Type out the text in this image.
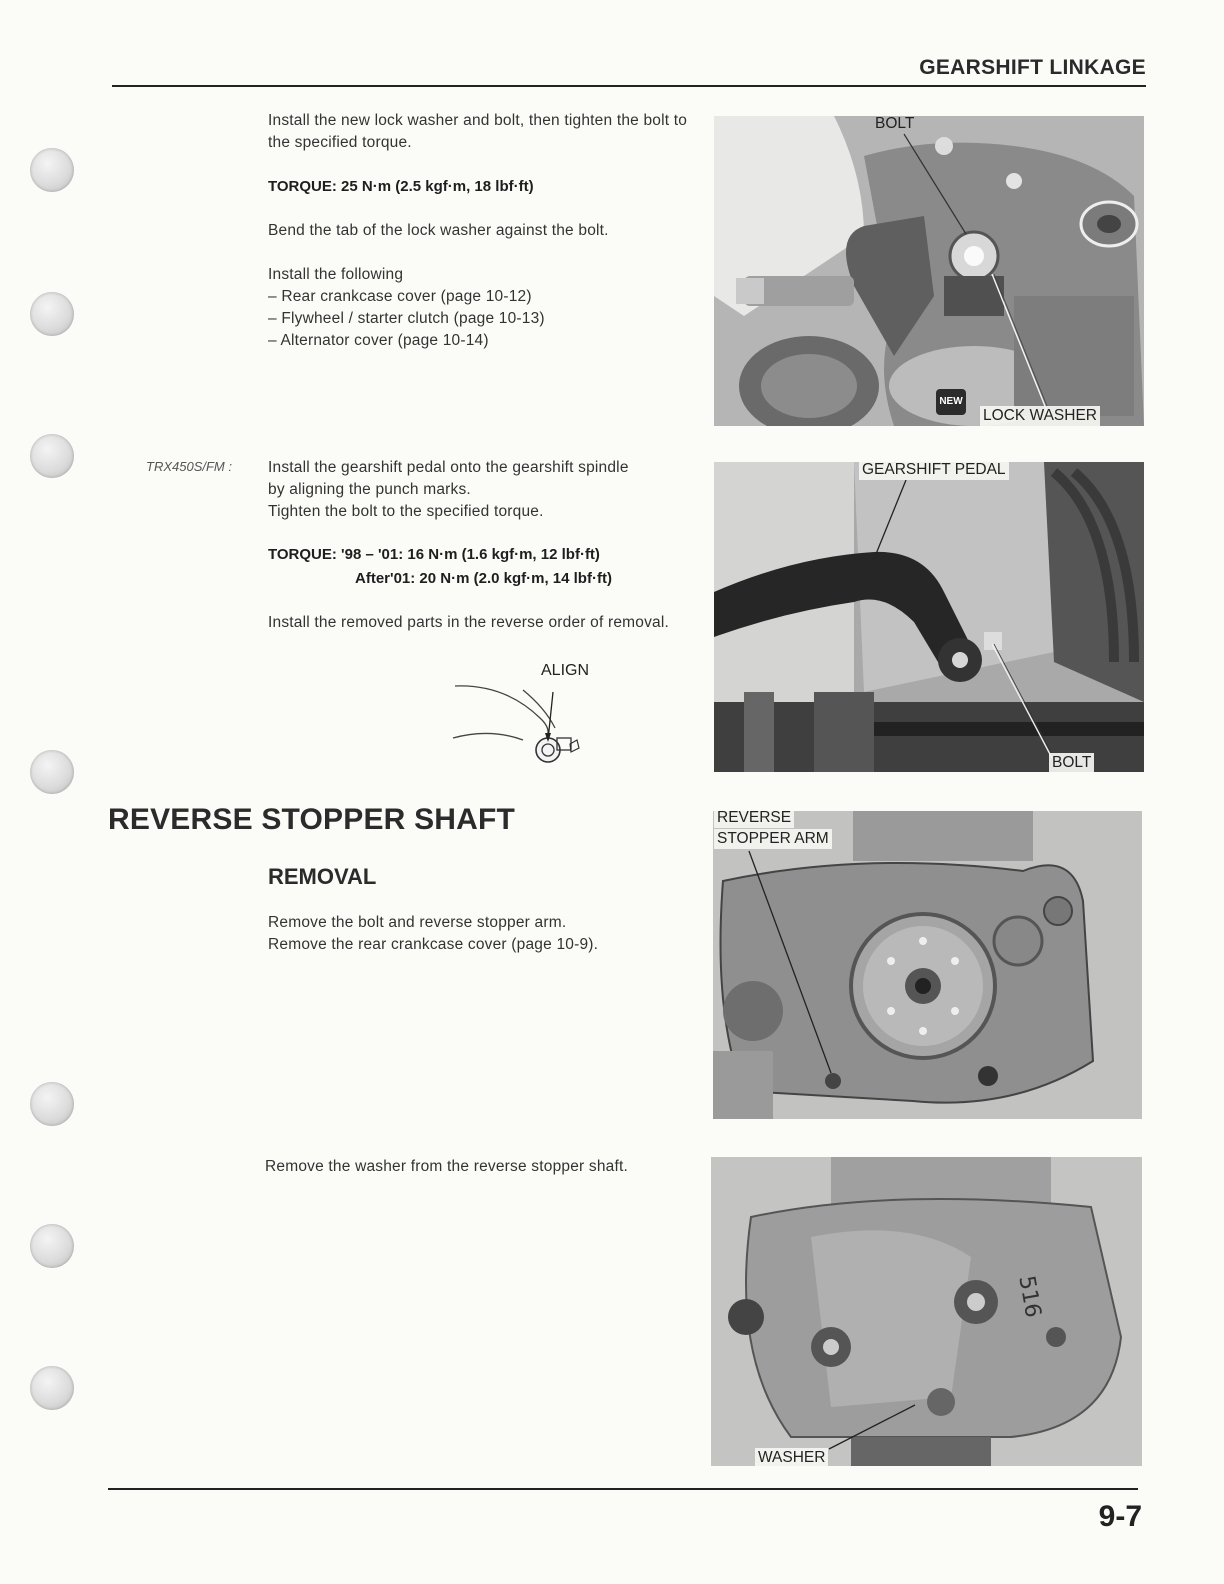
GEARSHIFT LINKAGE
Install the new lock washer and bolt, then tighten the bolt to the specified torque.
TORQUE: 25 N·m (2.5 kgf·m, 18 lbf·ft)
Bend the tab of the lock washer against the bolt.
Install the following
– Rear crankcase cover (page 10-12)
– Flywheel / starter clutch (page 10-13)
– Alternator cover (page 10-14)
TRX450S/FM : Install the gearshift pedal onto the gearshift spindle
by aligning the punch marks.
Tighten the bolt to the specified torque.
TORQUE: '98 – '01: 16 N·m (1.6 kgf·m, 12 lbf·ft)
After'01: 20 N·m (2.0 kgf·m, 14 lbf·ft)
Install the removed parts in the reverse order of removal.
ALIGN
REVERSE STOPPER SHAFT
REMOVAL
Remove the bolt and reverse stopper arm.
Remove the rear crankcase cover (page 10-9).
Remove the washer from the reverse stopper shaft.
BOLT
NEW
LOCK WASHER
GEARSHIFT PEDAL
BOLT
REVERSE
STOPPER ARM
516
WASHER
9-7
